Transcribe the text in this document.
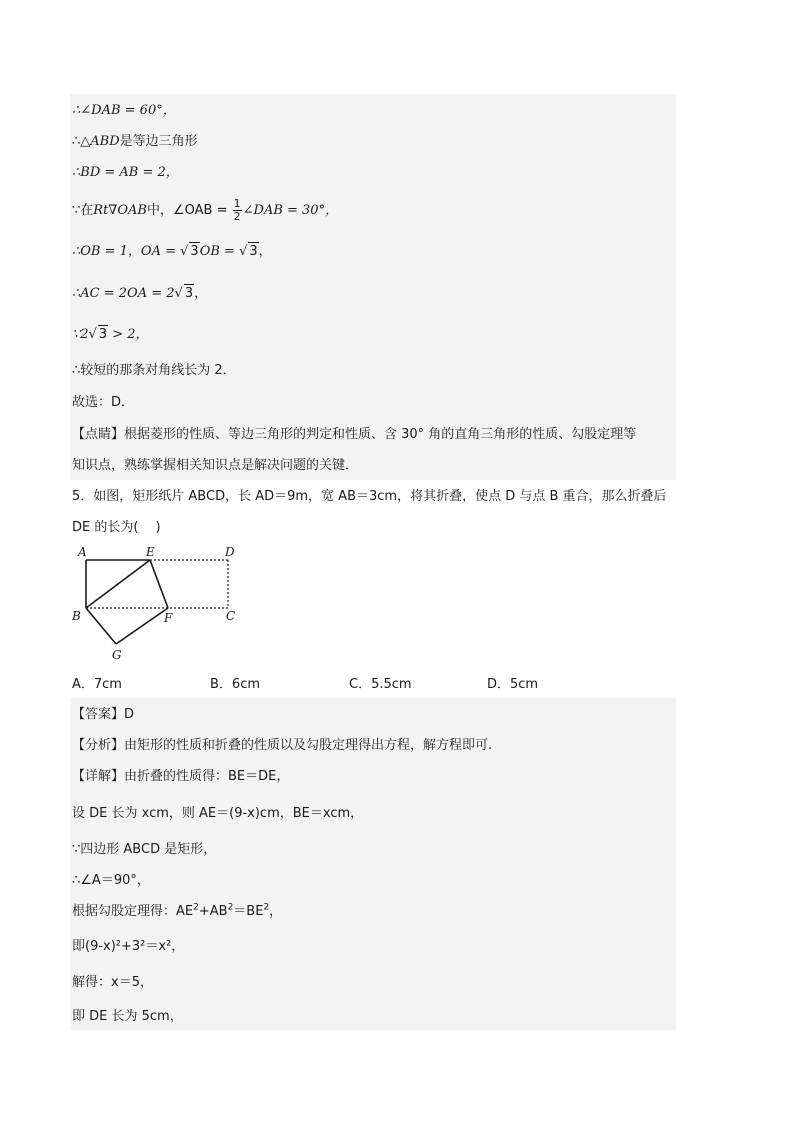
∴∠DAB = 60°，
∴△ABD是等边三角形
∴BD = AB = 2，
∵在Rt∇OAB中，∠OAB = $\frac{1}{2}$ ∠DAB = 30°，
∴OB = 1，OA = √ 3OB = √ 3，
∴AC = 2OA = 2√ 3，
∵2√ 3 > 2，
∴较短的那条对角线长为 2．
故选：D．
【点睛】根据菱形的性质、等边三角形的判定和性质、含 30° 角的直角三角形的性质、勾股定理等
知识点，熟练掌握相关知识点是解决问题的关键．
5．如图，矩形纸片 ABCD，长 AD＝9m，宽 AB＝3cm，将其折叠，使点 D 与点 B 重合，那么折叠后
DE 的长为(　 )
A	E	D
B	F	C
G
A．7cm	B．6cm	C．5.5cm	D．5cm
【答案】D
【分析】由矩形的性质和折叠的性质以及勾股定理得出方程，解方程即可.
【详解】由折叠的性质得：BE＝DE，
设 DE 长为 xcm，则 AE＝(9-x)cm，BE＝xcm，
∵四边形 ABCD 是矩形，
∴∠A＝90°，
根据勾股定理得：$AE^2+AB^2=BE^2$，
即(9-x)²+3²＝x²，
解得：x＝5，
即 DE 长为 5cm，
